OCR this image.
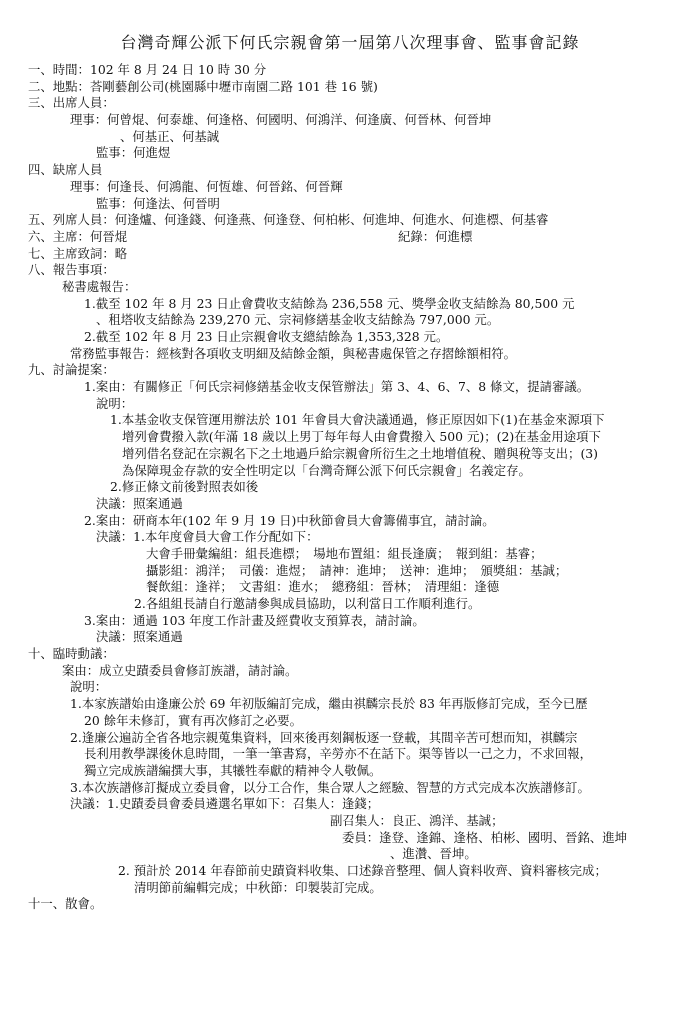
台灣奇輝公派下何氏宗親會第一屆第八次理事會、監事會記錄
一、時間：102 年 8 月 24 日 10 時 30 分
二、地點：荅剛藝創公司(桃園縣中壢市南園二路 101 巷 16 號)
三、出席人員：
理事：何曾焜、何泰雄、何逢格、何國明、何鴻洋、何逢廣、何晉林、何晉坤
、何基正、何基誠
監事：何進煜
四、缺席人員
理事：何逢長、何鴻龍、何恆雄、何晉銘、何晉輝
監事：何逢法、何晉明
五、列席人員：何逢爐、何逢錢、何逢燕、何逢登、何柏彬、何進坤、何進水、何進標、何基睿
六、主席：何晉焜	紀錄：何進標
七、主席致詞：略
八、報告事項：
秘書處報告：
1.截至 102 年 8 月 23 日止會費收支結餘為 236,558 元、獎學金收支結餘為 80,500 元
、租塔收支結餘為 239,270 元、宗祠修繕基金收支結餘為 797,000 元。
2.截至 102 年 8 月 23 日止宗親會收支總結餘為 1,353,328 元。
常務監事報告：經核對各項收支明細及結餘金額，與秘書處保管之存摺餘額相符。
九、討論提案：
1.案由：有關修正「何氏宗祠修繕基金收支保管辦法」第 3、4、6、7、8 條文，提請審議。
說明：
1.本基金收支保管運用辦法於 101 年會員大會決議通過，修正原因如下(1)在基金來源項下
增列會費撥入款(年滿 18 歲以上男丁每年每人由會費撥入 500 元)；(2)在基金用途項下
增列借名登記在宗親名下之土地過戶給宗親會所衍生之土地增值稅、贈與稅等支出；(3)
為保障現金存款的安全性明定以「台灣奇輝公派下何氏宗親會」名義定存。
2.修正條文前後對照表如後
決議：照案通過
2.案由：研商本年(102 年 9 月 19 日)中秋節會員大會籌備事宜，請討論。
決議：1.本年度會員大會工作分配如下：
大會手冊彙編組：組長進標；　場地布置組：組長逢廣；　報到組：基睿；
攝影組：鴻洋；　司儀：進煜；　請神：進坤；　送神：進坤；　頒獎組：基誠；
餐飲組：逢祥；　文書組：進水；　總務組：晉林；　清理組：逢德
2.各組組長請自行邀請參與成員協助，以利當日工作順利進行。
3.案由：通過 103 年度工作計畫及經費收支預算表，請討論。
決議：照案通過
十、臨時動議：
案由：成立史蹟委員會修訂族譜，請討論。
說明：
1.本家族譜始由逢廉公於 69 年初版編訂完成，繼由祺麟宗長於 83 年再版修訂完成，至今已歷
20 餘年未修訂，實有再次修訂之必要。
2.逢廉公遍訪全省各地宗親蒐集資料，回來後再刻鋼板逐一登載，其間辛苦可想而知，祺麟宗
長利用教學課後休息時間，一筆一筆書寫，辛勞亦不在話下。渠等皆以一己之力，不求回報，
獨立完成族譜編撰大事，其犧牲奉獻的精神令人敬佩。
3.本次族譜修訂擬成立委員會，以分工合作，集合眾人之經驗、智慧的方式完成本次族譜修訂。
決議：1.史蹟委員會委員遴選名單如下：召集人：逢錢；
副召集人：良正、鴻洋、基誠；
委員：逢登、逢錦、逢格、柏彬、國明、晉銘、進坤
、進灒、晉坤。
2. 預計於 2014 年春節前史蹟資料收集、口述錄音整理、個人資料收齊、資料審核完成；
清明節前編輯完成；中秋節：印製裝訂完成。
十一、散會。
